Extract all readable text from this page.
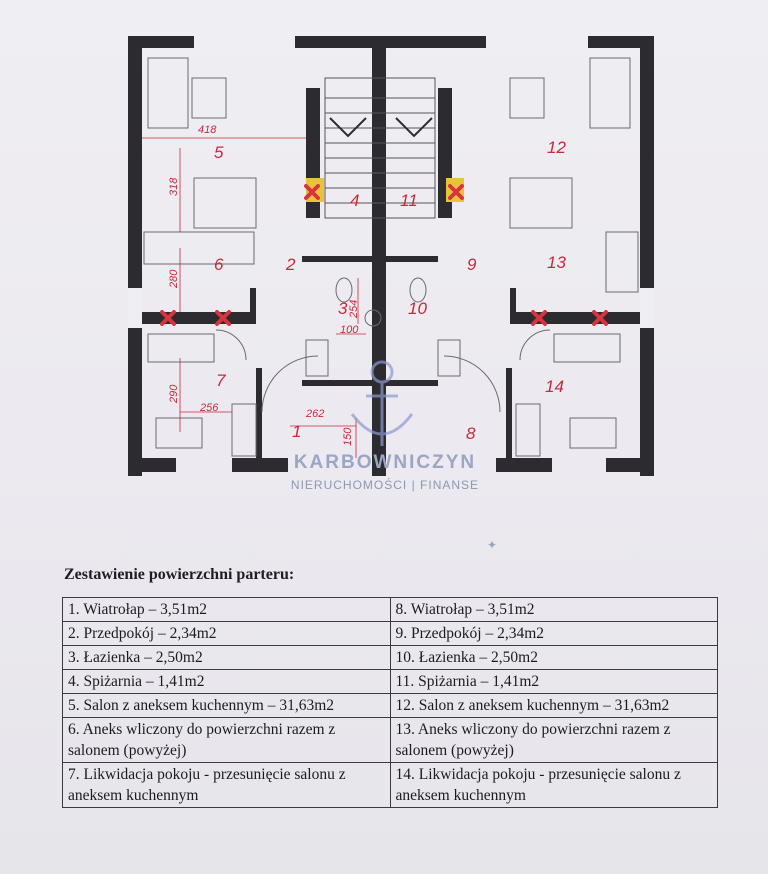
1
2
3
4
5
6
7
8
9
10
11
12
13
14
418
318
280
290
256	262
254
100
150
KARBOWNICZYN
NIERUCHOMOŚCI | FINANSE
✦
Zestawienie powierzchni parteru:
1. Wiatrołap – 3,51m2	8. Wiatrołap – 3,51m2
2. Przedpokój – 2,34m2	9. Przedpokój – 2,34m2
3. Łazienka – 2,50m2	10. Łazienka – 2,50m2
4. Spiżarnia – 1,41m2	11. Spiżarnia – 1,41m2
5. Salon z aneksem kuchennym – 31,63m2	12. Salon z aneksem kuchennym – 31,63m2
6. Aneks wliczony do powierzchni razem z salonem (powyżej)	13. Aneks wliczony do powierzchni razem z salonem (powyżej)
7. Likwidacja pokoju - przesunięcie salonu z aneksem kuchennym	14. Likwidacja pokoju - przesunięcie salonu z aneksem kuchennym
